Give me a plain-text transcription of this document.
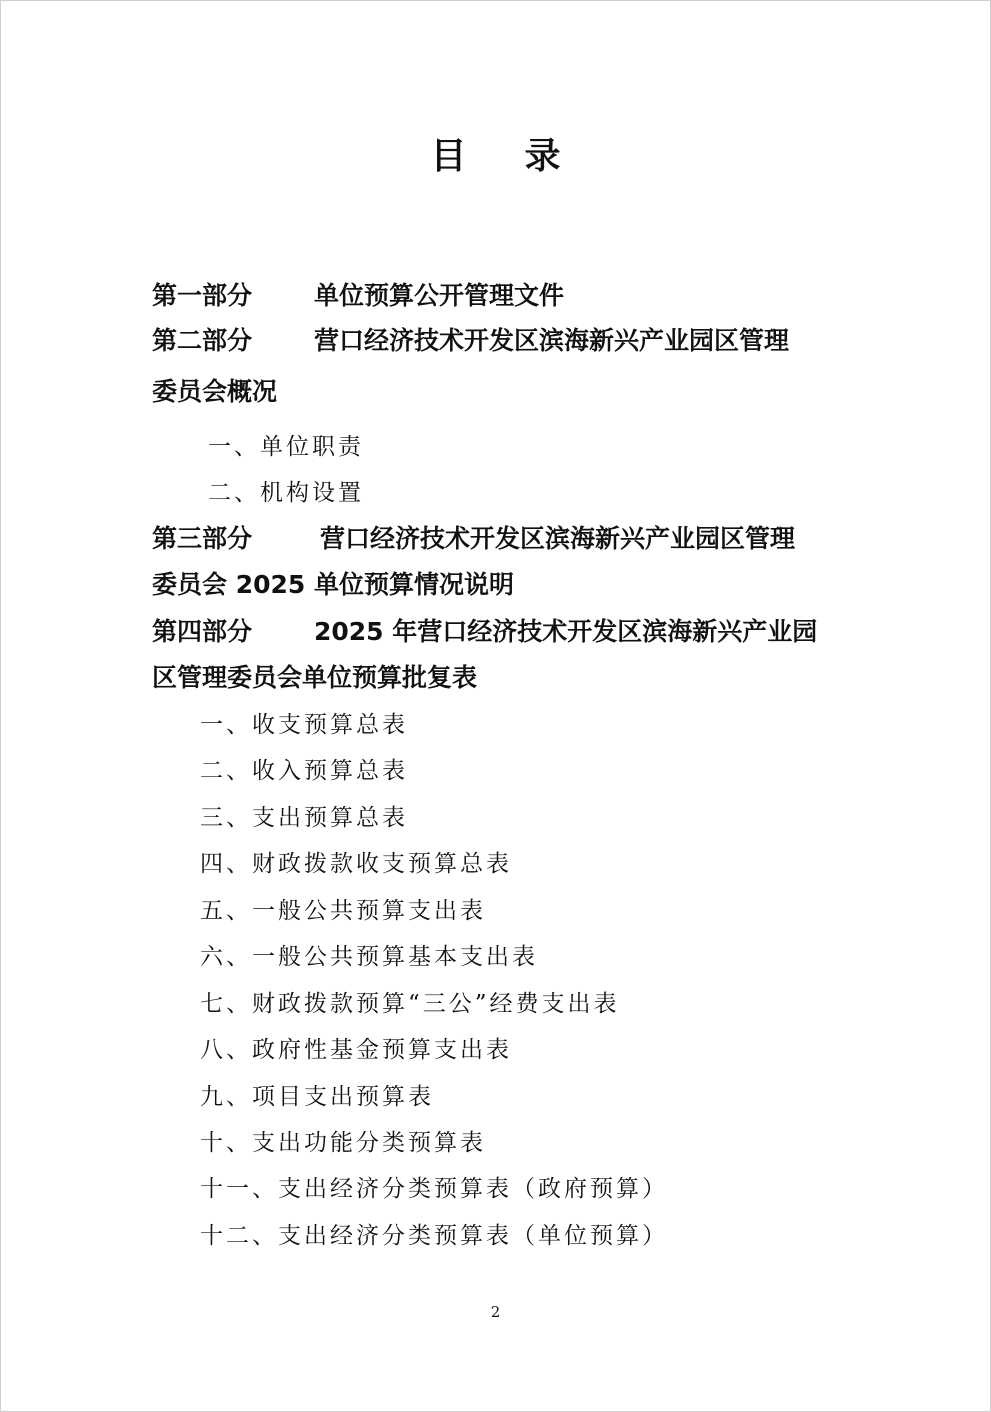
目 录
第一部分 单位预算公开管理文件
第二部分 营口经济技术开发区滨海新兴产业园区管理
委员会概况
一、单位职责
二、机构设置
第三部分	营口经济技术开发区滨海新兴产业园区管理
委员会 2025 单位预算情况说明
第四部分 2025 年营口经济技术开发区滨海新兴产业园
区管理委员会单位预算批复表
一、收支预算总表
二、收入预算总表
三、支出预算总表
四、财政拨款收支预算总表
五、一般公共预算支出表
六、一般公共预算基本支出表
七、财政拨款预算“三公”经费支出表
八、政府性基金预算支出表
九、项目支出预算表
十、支出功能分类预算表
十一、支出经济分类预算表（政府预算）
十二、支出经济分类预算表（单位预算）
2
